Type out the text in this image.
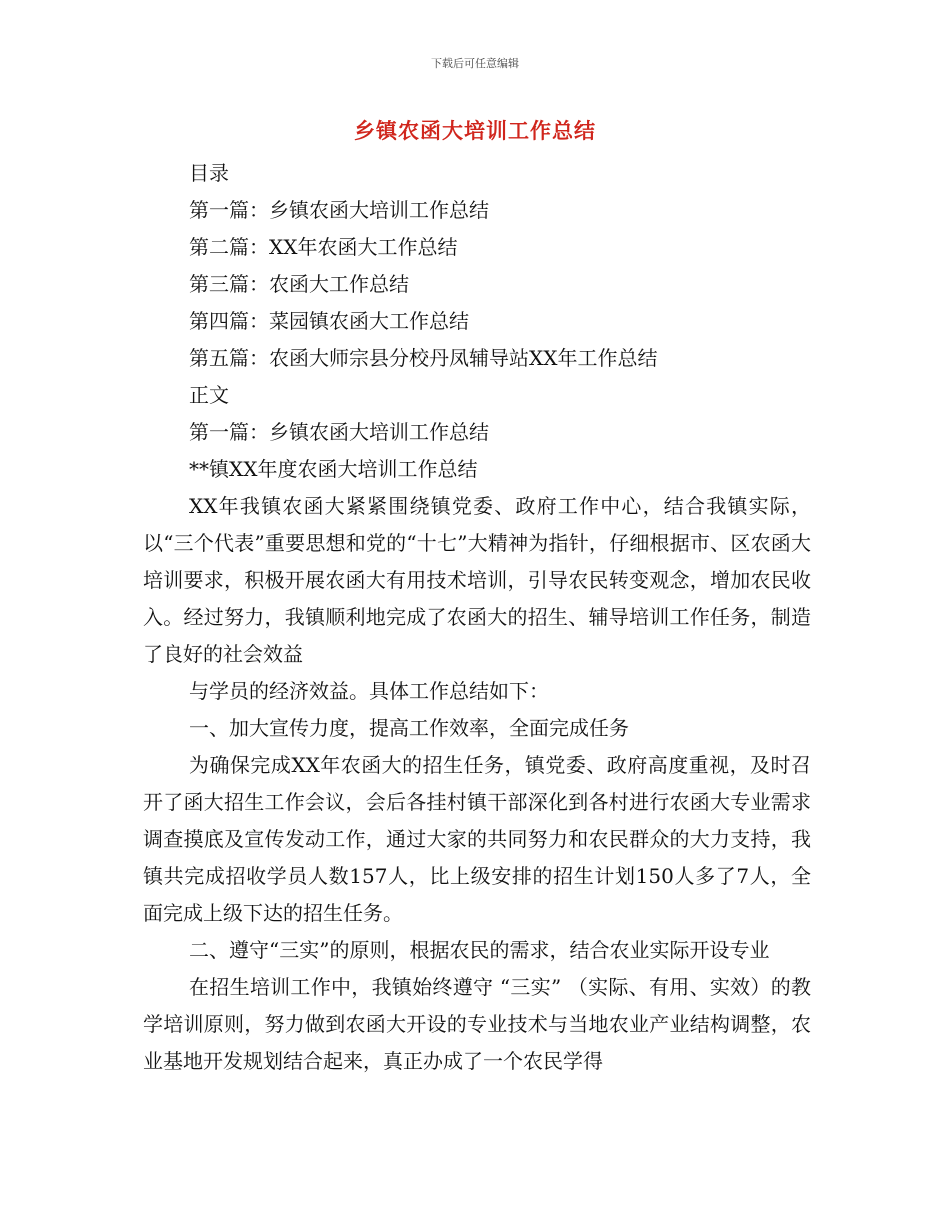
下载后可任意编辑
乡镇农函大培训工作总结

目录

第一篇：乡镇农函大培训工作总结

第二篇：XX年农函大工作总结

第三篇：农函大工作总结

第四篇：菜园镇农函大工作总结

第五篇：农函大师宗县分校丹凤辅导站XX年工作总结

正文

第一篇：乡镇农函大培训工作总结

**镇XX年度农函大培训工作总结

XX年我镇农函大紧紧围绕镇党委、政府工作中心，结合我镇实际，以“三个代表”重要思想和党的“十七”大精神为指针，仔细根据市、区农函大培训要求，积极开展农函大有用技术培训，引导农民转变观念，增加农民收入。经过努力，我镇顺利地完成了农函大的招生、辅导培训工作任务，制造了良好的社会效益

与学员的经济效益。具体工作总结如下：

一、加大宣传力度，提高工作效率，全面完成任务

为确保完成XX年农函大的招生任务，镇党委、政府高度重视，及时召开了函大招生工作会议，会后各挂村镇干部深化到各村进行农函大专业需求调查摸底及宣传发动工作，通过大家的共同努力和农民群众的大力支持，我镇共完成招收学员人数157人，比上级安排的招生计划150人多了7人，全面完成上级下达的招生任务。

二、遵守“三实”的原则，根据农民的需求，结合农业实际开设专业

在招生培训工作中，我镇始终遵守 “三实” （实际、有用、实效）的教学培训原则，努力做到农函大开设的专业技术与当地农业产业结构调整，农业基地开发规划结合起来，真正办成了一个农民学得
